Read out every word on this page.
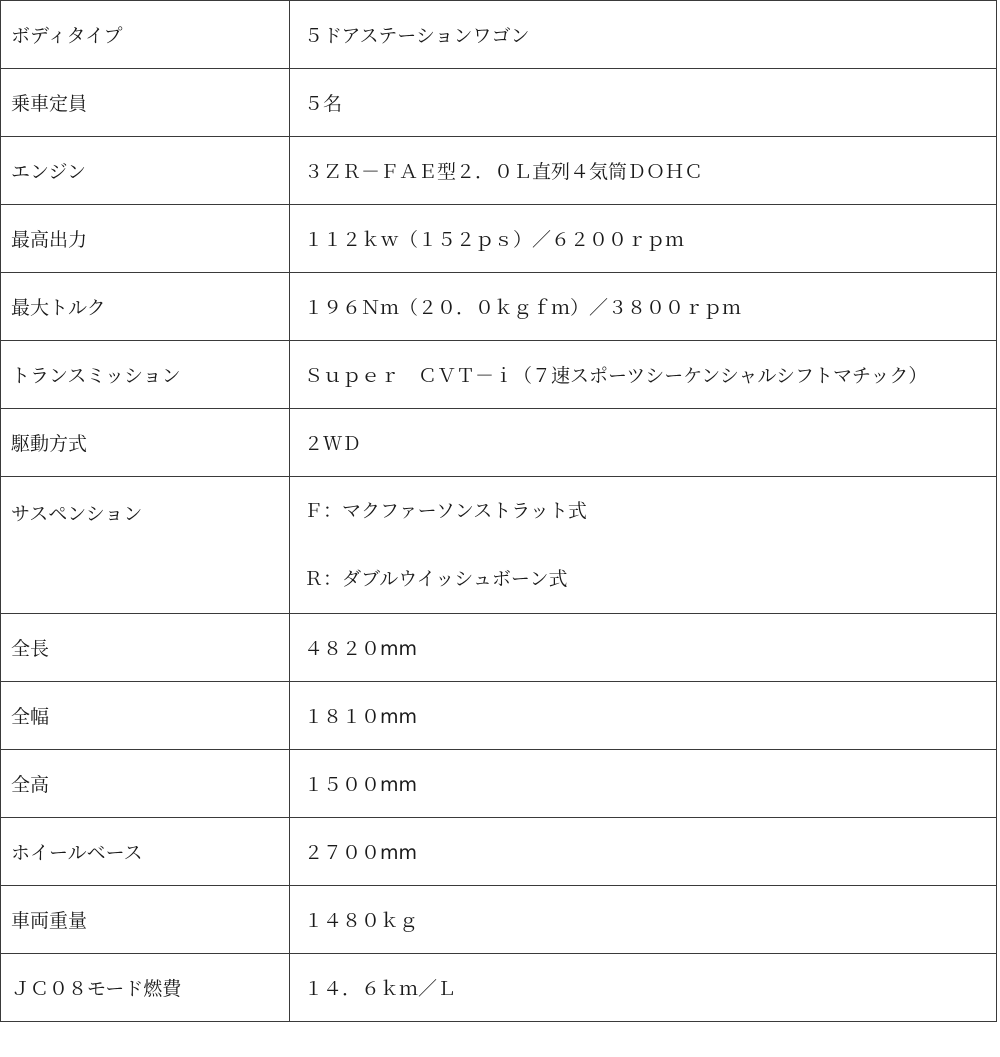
ボディタイプ	５ドアステーションワゴン
乗車定員	５名
エンジン	３ＺＲ－ＦＡＥ型２．０Ｌ直列４気筒ＤＯＨＣ
最高出力	１１２ｋｗ（１５２ｐｓ）／６２００ｒｐｍ
最大トルク	１９６Ｎｍ（２０．０ｋｇｆｍ）／３８００ｒｐｍ
トランスミッション	Ｓｕｐｅｒ　ＣＶＴ－ｉ（７速スポーツシーケンシャルシフトマチック）
駆動方式	２ＷＤ
サスペンション	Ｆ：マクファーソンストラット式
Ｒ：ダブルウイッシュボーン式

全長	４８２０mm
全幅	１８１０mm
全高	１５００mm
ホイールベース	２７００mm
車両重量	１４８０ｋｇ
ＪＣ０８モード燃費	１４．６ｋｍ／Ｌ
